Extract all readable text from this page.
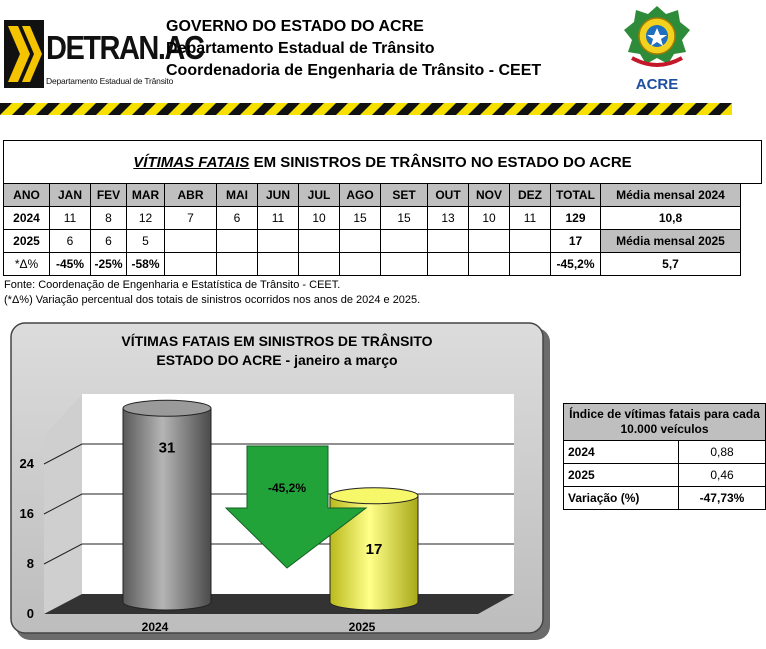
DETRAN.AC
Departamento Estadual de Trânsito
GOVERNO DO ESTADO DO ACRE
Departamento Estadual de Trânsito
Coordenadoria de Engenharia de Trânsito - CEET
ACRE
VÍTIMAS FATAIS EM SINISTROS DE TRÂNSITO NO ESTADO DO ACRE
ANO	JAN	FEV	MAR	ABR	MAI	JUN	JUL	AGO	SET	OUT	NOV	DEZ	TOTAL	Média mensal 2024
2024	11	8	12	7	6	11	10	15	15	13	10	11	129	10,8
2025	6	6	5										17	Média mensal 2025
*Δ%	-45%	-25%	-58%										-45,2%	5,7
Fonte: Coordenação de Engenharia e Estatística de Trânsito - CEET.
(*Δ%) Variação percentual dos totais de sinistros ocorridos nos anos de 2024 e 2025.
0
8
16
24
31
17
-45,2%
2024	2025
VÍTIMAS FATAIS EM SINISTROS DE TRÂNSITO
ESTADO DO ACRE - janeiro a março
Índice de vítimas fatais para cada 10.000 veículos	
2024	0,88
2025	0,46
Variação (%)	-47,73%
